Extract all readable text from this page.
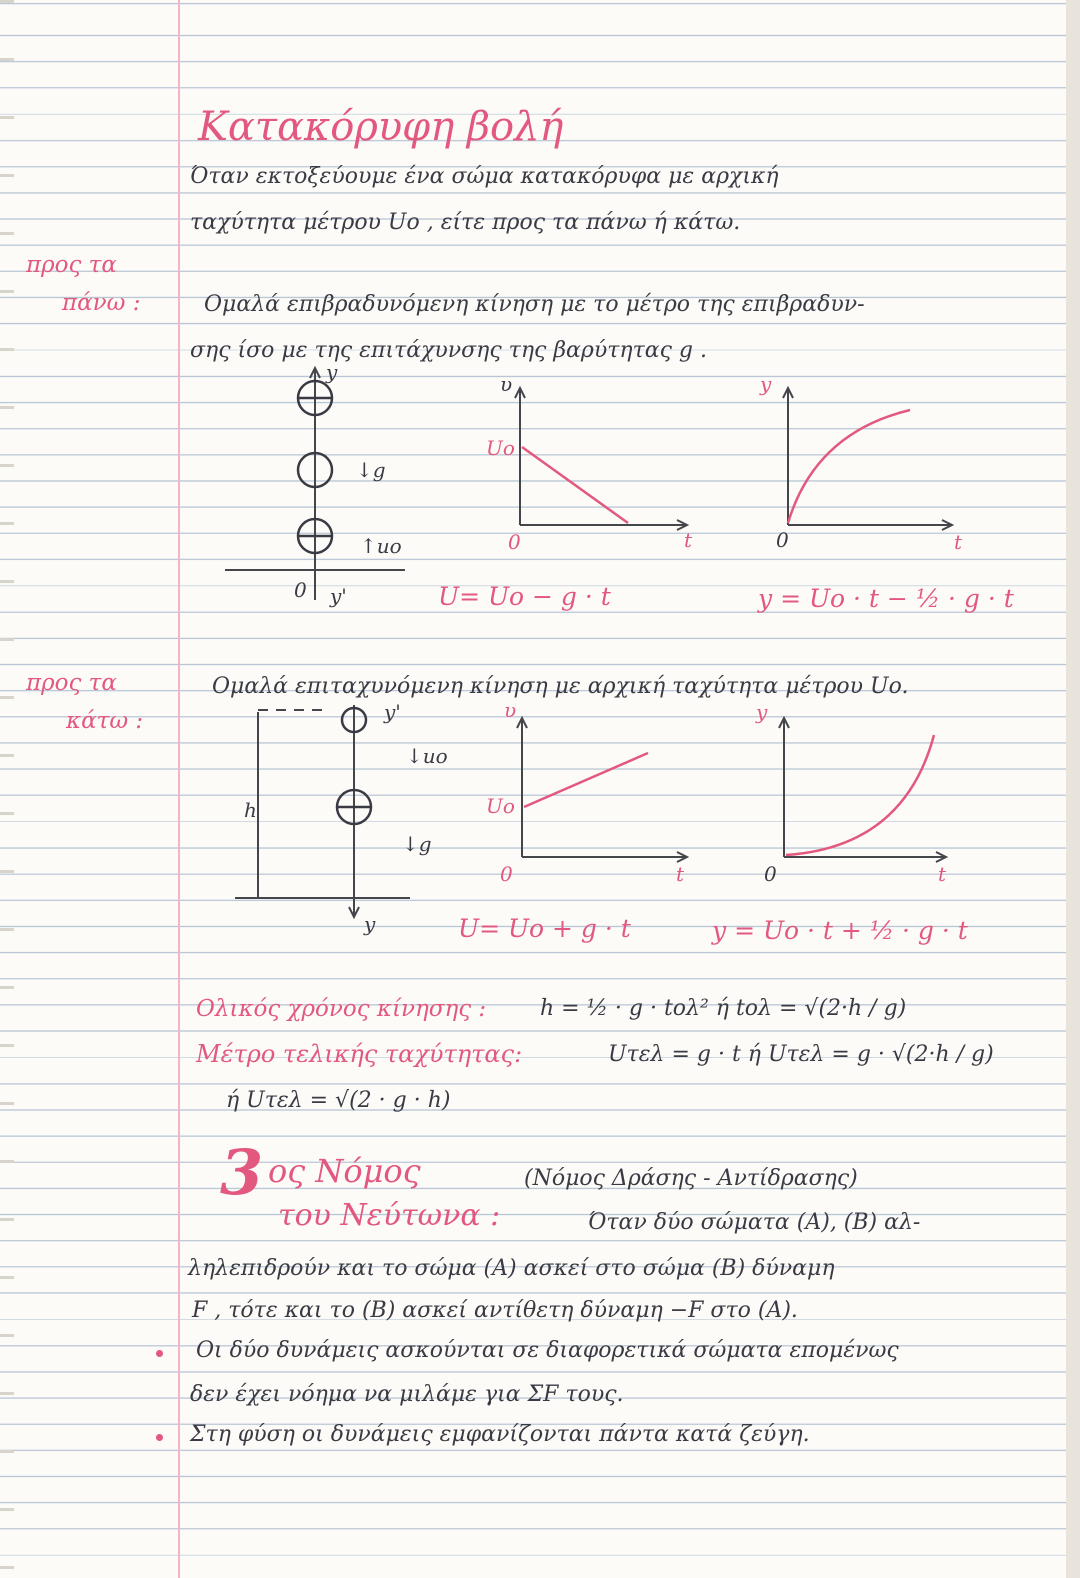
Κατακόρυφη βολή
Όταν εκτοξεύουμε ένα σώμα κατακόρυφα με αρχική
ταχύτητα μέτρου Uo , είτε προς τα πάνω ή κάτω.
προς τα
πάνω :	Ομαλά επιβραδυνόμενη κίνηση με το μέτρο της επιβραδυν-
σης ίσο με της επιτάχυνσης της βαρύτητας g .
y
y'
0
↓g
↑uo
υ
Uo
0	t
y
0	t
U= Uo − g · t	y = Uo · t − ½ · g · t
προς τα
κάτω :
Ομαλά επιταχυνόμενη κίνηση με αρχική ταχύτητα μέτρου Uo.
y'
y
h
↓uo
↓g
υ
Uo
0	t
y
0	t
U= Uo + g · t	y = Uo · t + ½ · g · t
Ολικός χρόνος κίνησης : h = ½ · g · tολ² ή tολ = √(2·h / g)
Μέτρο τελικής ταχύτητας:	Uτελ = g · t ή Uτελ = g · √(2·h / g)
ή Uτελ = √(2 · g · h)
3 ος Νόμος
του Νεύτωνα :
(Νόμος Δράσης - Αντίδρασης)
Όταν δύο σώματα (A), (B) αλ-
ληλεπιδρούν και το σώμα (A) ασκεί στο σώμα (B) δύναμη
F , τότε και το (B) ασκεί αντίθετη δύναμη −F στο (A).
Οι δύο δυνάμεις ασκούνται σε διαφορετικά σώματα επομένως
δεν έχει νόημα να μιλάμε για ΣF τους.
Στη φύση οι δυνάμεις εμφανίζονται πάντα κατά ζεύγη.
